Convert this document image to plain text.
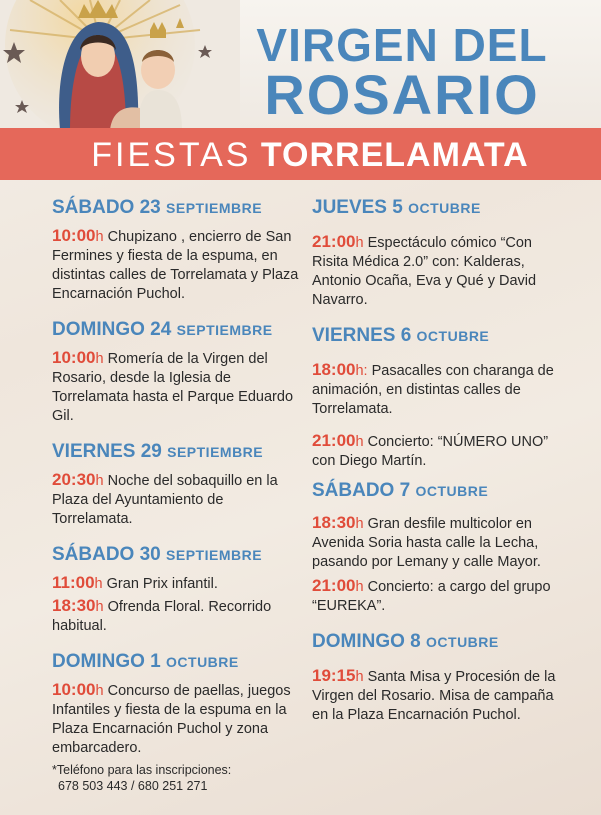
VIRGEN DEL
ROSARIO
FIESTAS TORRELAMATA

SÁBADO 23 SEPTIEMBRE

10:00h Chupizano , encierro de San Fermines y fiesta de la espuma, en distintas calles de Torrelamata y Plaza Encarnación Puchol.

DOMINGO 24 SEPTIEMBRE

10:00h Romería de la Virgen del Rosario, desde la Iglesia de Torrelamata hasta el Parque Eduardo Gil.

VIERNES 29 SEPTIEMBRE

20:30h Noche del sobaquillo en la Plaza del Ayuntamiento de Torrelamata.

SÁBADO 30 SEPTIEMBRE

11:00h Gran Prix infantil.

18:30h Ofrenda Floral. Recorrido habitual.

DOMINGO 1 OCTUBRE

10:00h Concurso de paellas, juegos Infantiles y fiesta de la espuma en la Plaza Encarnación Puchol y zona embarcadero.

*Teléfono para las inscripciones:
678 503 443 / 680 251 271

JUEVES 5 OCTUBRE

21:00h Espectáculo cómico “Con Risita Médica 2.0” con: Kalderas, Antonio Ocaña, Eva y Qué y David Navarro.

VIERNES 6 OCTUBRE

18:00h: Pasacalles con charanga de animación, en distintas calles de Torrelamata.

21:00h Concierto: “NÚMERO UNO” con Diego Martín.

SÁBADO 7 OCTUBRE

18:30h Gran desfile multicolor en Avenida Soria hasta calle la Lecha, pasando por Lemany y calle Mayor.

21:00h Concierto: a cargo del grupo “EUREKA”.

DOMINGO 8 OCTUBRE

19:15h Santa Misa y Procesión de la Virgen del Rosario. Misa de campaña en la Plaza Encarnación Puchol.
